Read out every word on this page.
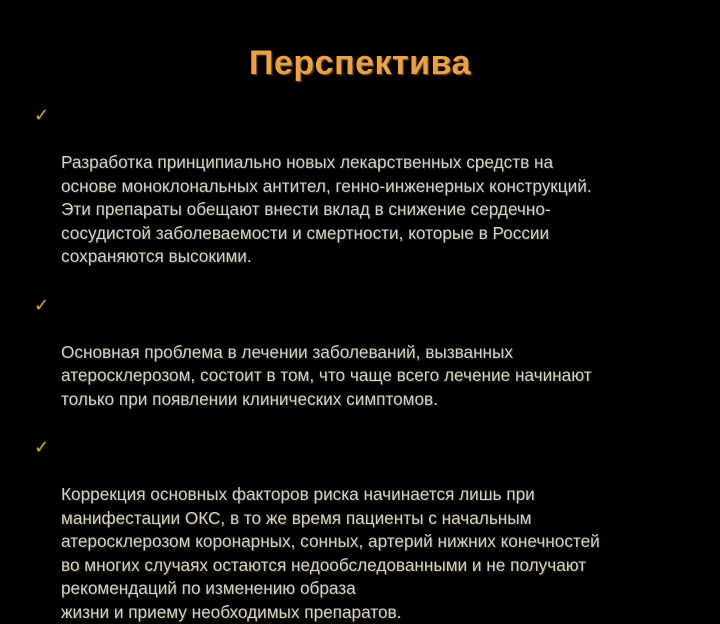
Перспектива

✓

Разработка принципиально новых лекарственных средств на
основе моноклональных антител, генно-инженерных конструкций.
Эти препараты обещают внести вклад в снижение сердечно-
сосудистой заболеваемости и смертности, которые в России
сохраняются высокими.

✓

Основная проблема в лечении заболеваний, вызванных
атеросклерозом, состоит в том, что чаще всего лечение начинают
только при появлении клинических симптомов.

✓

Коррекция основных факторов риска начинается лишь при
манифестации ОКС, в то же время пациенты с начальным
атеросклерозом коронарных, сонных, артерий нижних конечностей
во многих случаях остаются недообследованными и не получают
рекомендаций по изменению образа
жизни и приему необходимых препаратов.
